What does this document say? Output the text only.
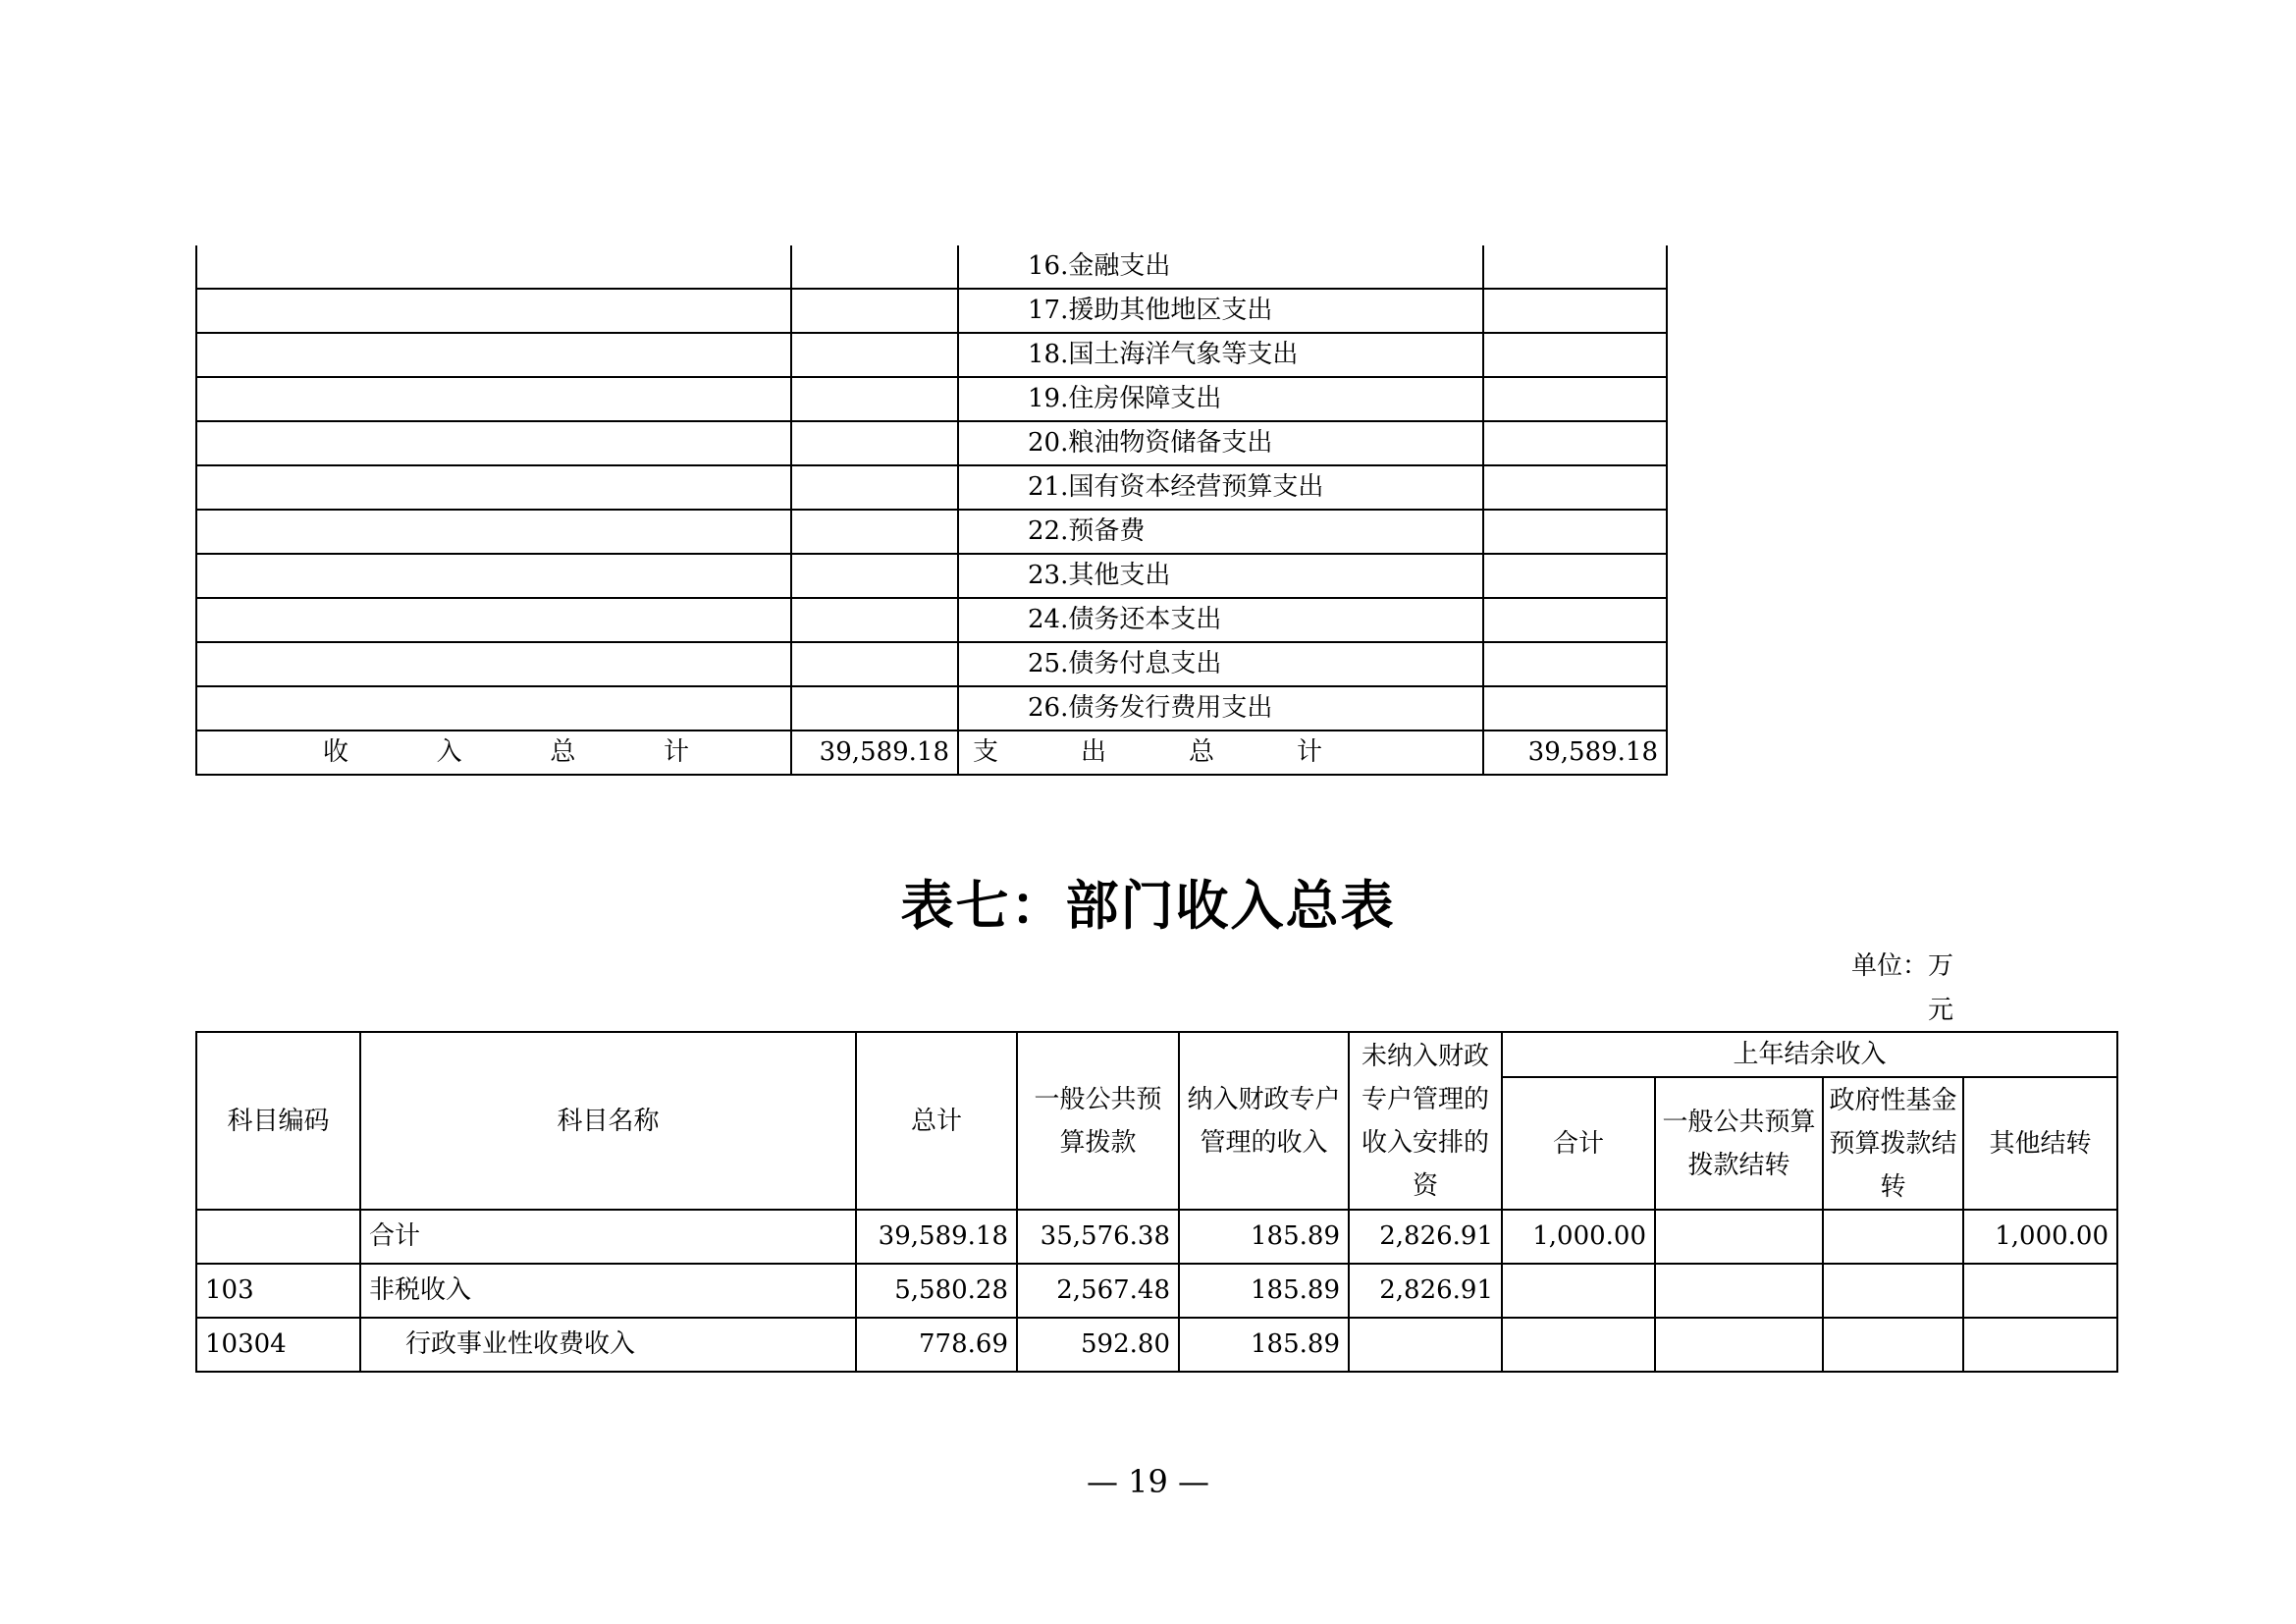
		16.金融支出	
		17.援助其他地区支出	
		18.国土海洋气象等支出	
		19.住房保障支出	
		20.粮油物资储备支出	
		21.国有资本经营预算支出	
		22.预备费	
		23.其他支出	
		24.债务还本支出	
		25.债务付息支出	
		26.债务发行费用支出	

收 入 总 计	39,589.18	支 出 总 计	39,589.18
表七：部门收入总表
单位：万
元
科目编码	科目名称	总计	一般公共预算拨款	纳入财政专户管理的收入	未纳入财政专户管理的收入安排的资	上年结余收入			
						合计	一般公共预算拨款结转	政府性基金预算拨款结转	其他结转
	合计	39,589.18	35,576.38	185.89	2,826.91	1,000.00			1,000.00
103	非税收入	5,580.28	2,567.48	185.89	2,826.91				
10304	行政事业性收费收入	778.69	592.80	185.89					
— 19 —
